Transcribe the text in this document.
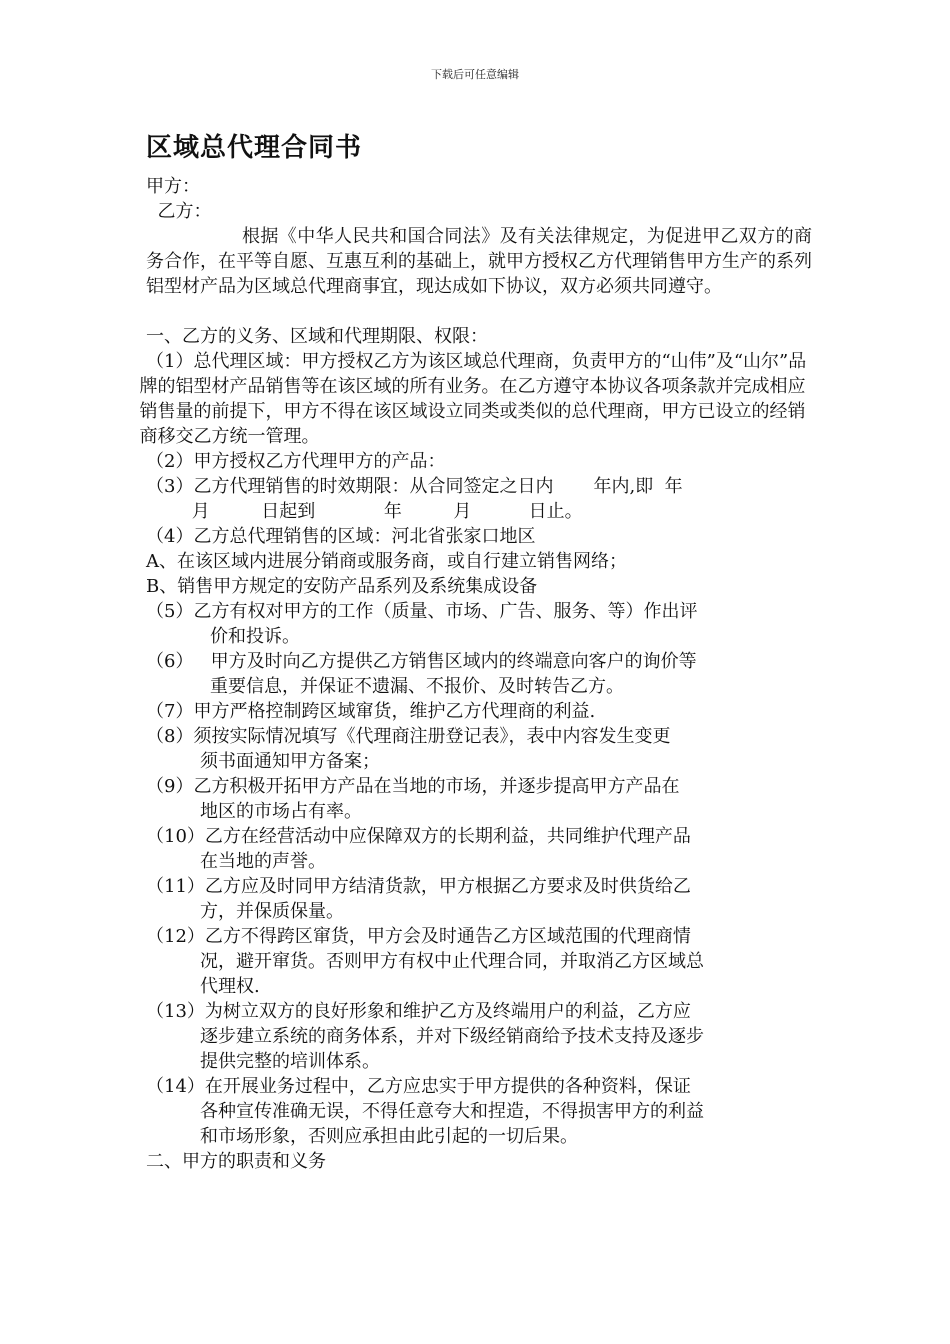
下载后可任意编辑
区域总代理合同书
甲方：
乙方：

根据《中华人民共和国合同法》及有关法律规定，为促进甲乙双方的商务合作，在平等自愿、互惠互利的基础上，就甲方授权乙方代理销售甲方生产的系列铝型材产品为区域总代理商事宜，现达成如下协议，双方必须共同遵守。

一、乙方的义务、区域和代理期限、权限：
（1） 总代理区域：甲方授权乙方为该区域总代理商，负责甲方的“山伟”及“山尔”品牌的铝型材产品销售等在该区域的所有业务。在乙方遵守本协议各项条款并完成相应销售量的前提下，甲方不得在该区域设立同类或类似的总代理商，甲方已设立的经销商移交乙方统一管理。
（2） 甲方授权乙方代理甲方的产品：
（3） 乙方代理销售的时效期限：从合同签定之日内       年内,即  年
月         日起到            年         月          日止。
（4） 乙方总代理销售的区域：河北省张家口地区
A、在该区域内进展分销商或服务商，或自行建立销售网络；
B、销售甲方规定的安防产品系列及系统集成设备
（5） 乙方有权对甲方的工作（质量、市场、广告、服务、等）作出评
价和投诉。
（6） 甲方及时向乙方提供乙方销售区域内的终端意向客户的询价等
重要信息，并保证不遗漏、不报价、及时转告乙方。
（7） 甲方严格控制跨区域窜货，维护乙方代理商的利益.
（8） 须按实际情况填写《代理商注册登记表》，表中内容发生变更
须书面通知甲方备案；
（9） 乙方积极开拓甲方产品在当地的市场，并逐步提高甲方产品在
地区的市场占有率。
（10） 乙方在经营活动中应保障双方的长期利益，共同维护代理产品
在当地的声誉。
（11） 乙方应及时同甲方结清货款，甲方根据乙方要求及时供货给乙
方，并保质保量。
（12） 乙方不得跨区窜货，甲方会及时通告乙方区域范围的代理商情
况，避开窜货。否则甲方有权中止代理合同，并取消乙方区域总
代理权.
（13） 为树立双方的良好形象和维护乙方及终端用户的利益，乙方应
逐步建立系统的商务体系，并对下级经销商给予技术支持及逐步
提供完整的培训体系。
（14） 在开展业务过程中，乙方应忠实于甲方提供的各种资料，保证
各种宣传准确无误，不得任意夸大和捏造，不得损害甲方的利益
和市场形象，否则应承担由此引起的一切后果。
二、甲方的职责和义务
